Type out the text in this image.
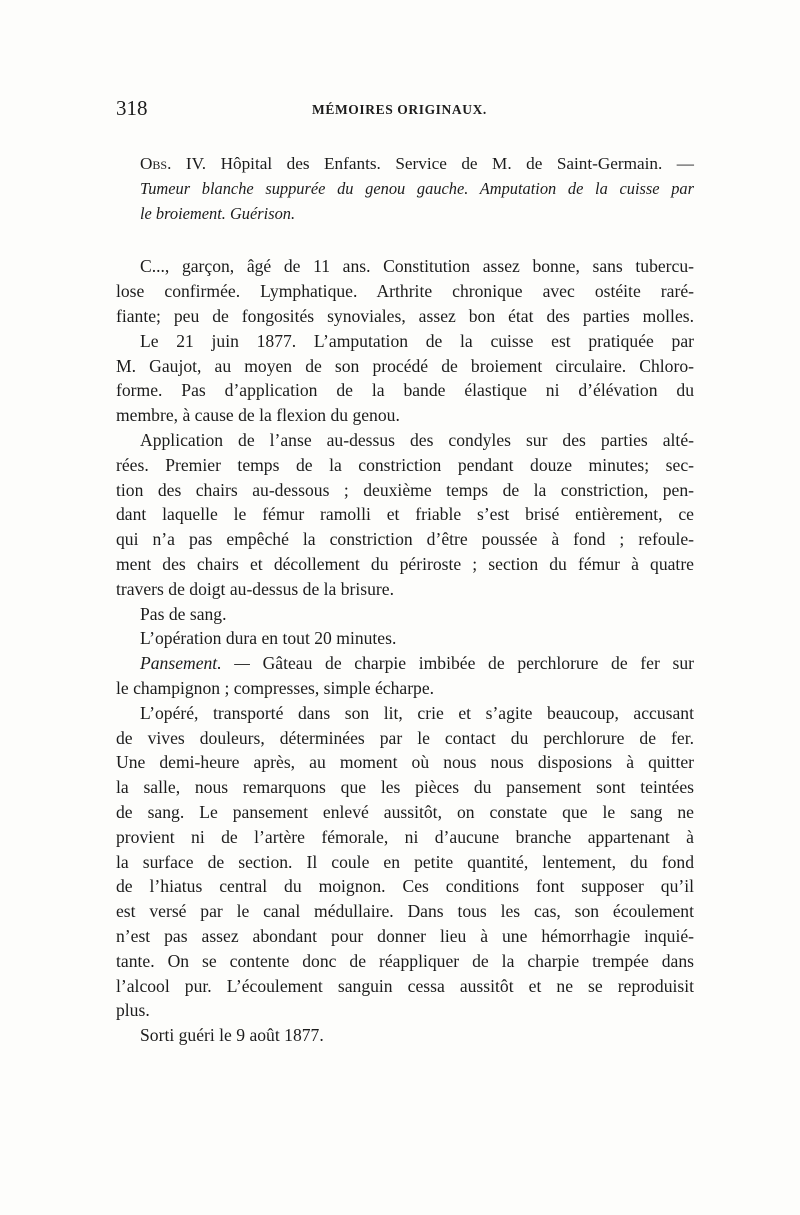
318	MÉMOIRES ORIGINAUX.
Obs. IV. Hôpital des Enfants. Service de M. de Saint-Germain. —
Tumeur blanche suppurée du genou gauche. Amputation de la cuisse par
le broiement. Guérison.
C..., garçon, âgé de 11 ans. Constitution assez bonne, sans tubercu-
lose confirmée. Lymphatique. Arthrite chronique avec ostéite raré-
fiante; peu de fongosités synoviales, assez bon état des parties molles.
Le 21 juin 1877. L’amputation de la cuisse est pratiquée par
M. Gaujot, au moyen de son procédé de broiement circulaire. Chloro-
forme. Pas d’application de la bande élastique ni d’élévation du
membre, à cause de la flexion du genou.
Application de l’anse au-dessus des condyles sur des parties alté-
rées. Premier temps de la constriction pendant douze minutes; sec-
tion des chairs au-dessous ; deuxième temps de la constriction, pen-
dant laquelle le fémur ramolli et friable s’est brisé entièrement, ce
qui n’a pas empêché la constriction d’être poussée à fond ; refoule-
ment des chairs et décollement du périroste ; section du fémur à quatre
travers de doigt au-dessus de la brisure.
Pas de sang.
L’opération dura en tout 20 minutes.
Pansement. — Gâteau de charpie imbibée de perchlorure de fer sur
le champignon ; compresses, simple écharpe.
L’opéré, transporté dans son lit, crie et s’agite beaucoup, accusant
de vives douleurs, déterminées par le contact du perchlorure de fer.
Une demi-heure après, au moment où nous nous disposions à quitter
la salle, nous remarquons que les pièces du pansement sont teintées
de sang. Le pansement enlevé aussitôt, on constate que le sang ne
provient ni de l’artère fémorale, ni d’aucune branche appartenant à
la surface de section. Il coule en petite quantité, lentement, du fond
de l’hiatus central du moignon. Ces conditions font supposer qu’il
est versé par le canal médullaire. Dans tous les cas, son écoulement
n’est pas assez abondant pour donner lieu à une hémorrhagie inquié-
tante. On se contente donc de réappliquer de la charpie trempée dans
l’alcool pur. L’écoulement sanguin cessa aussitôt et ne se reproduisit
plus.
Sorti guéri le 9 août 1877.
